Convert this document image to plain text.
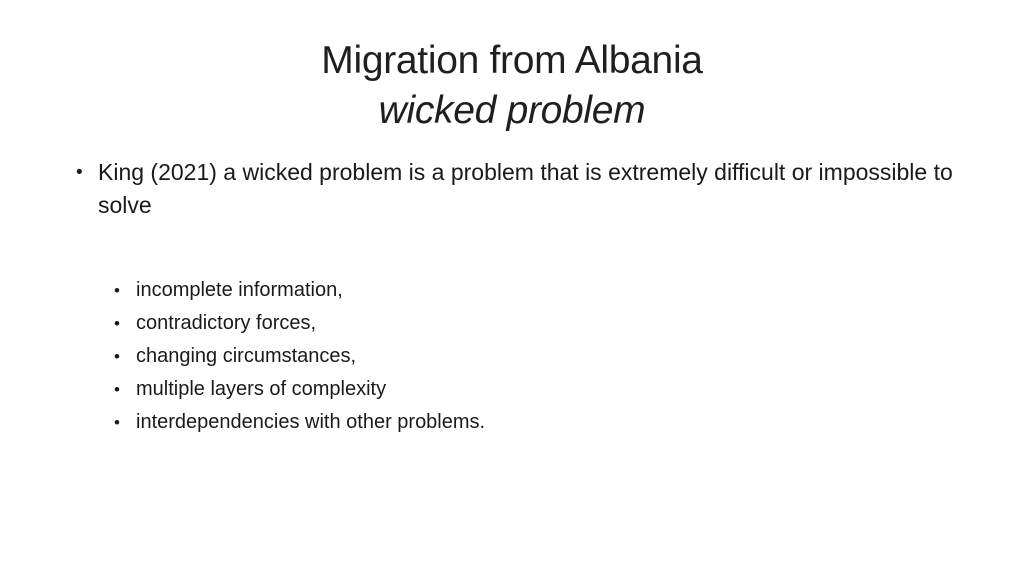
Migration from Albania
wicked problem
• King (2021) a wicked problem is a problem that is extremely difficult or impossible to solve
• incomplete information,
• contradictory forces,
• changing circumstances,
• multiple layers of complexity
• interdependencies with other problems.
